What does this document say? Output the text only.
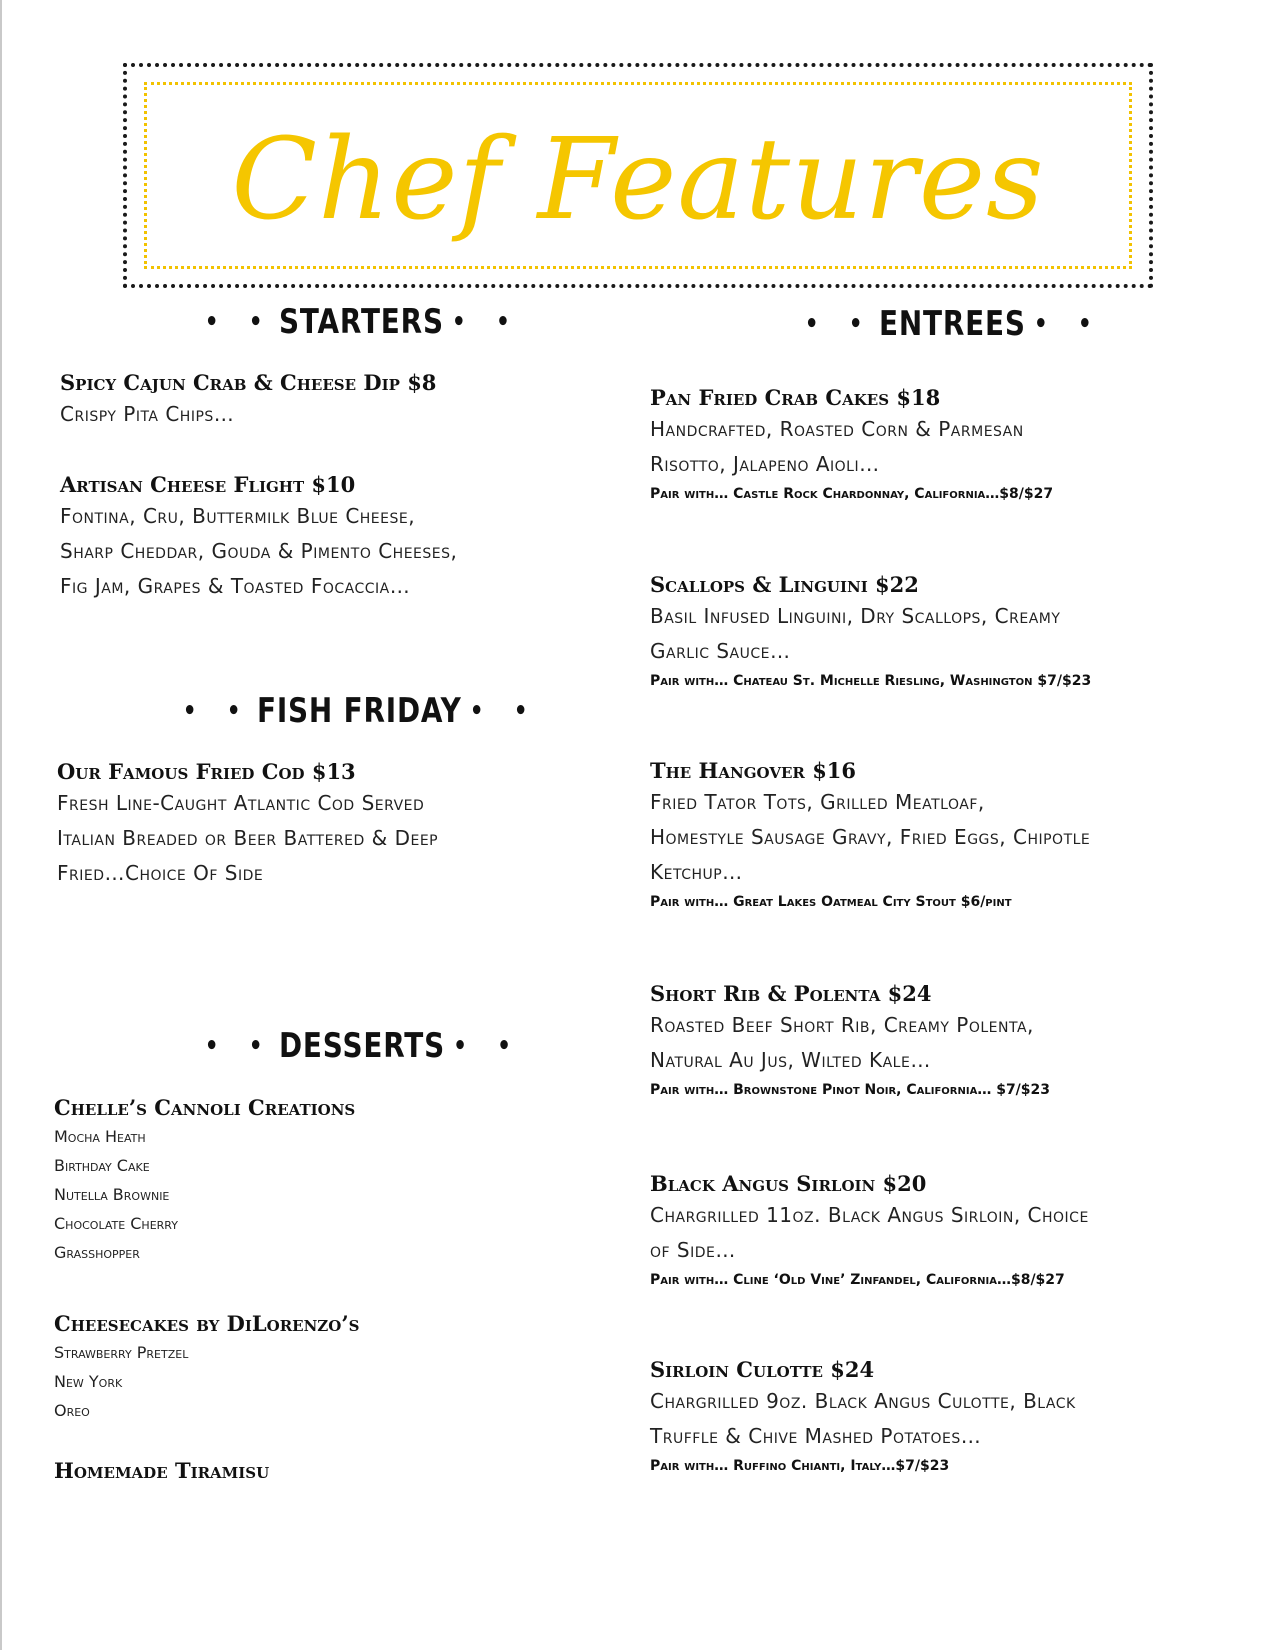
Chef Features
• • STARTERS • •
Spicy Cajun Crab & Cheese Dip $8
Crispy Pita Chips…
Artisan Cheese Flight $10
Fontina, Cru, Buttermilk Blue Cheese,
Sharp Cheddar, Gouda & Pimento Cheeses,
Fig Jam, Grapes & Toasted Focaccia…
• • FISH FRIDAY • •
Our Famous Fried Cod $13
Fresh Line-Caught Atlantic Cod Served
Italian Breaded or Beer Battered & Deep
Fried…Choice Of Side
• • DESSERTS • •
Chelle’s Cannoli Creations
Mocha Heath
Birthday Cake
Nutella Brownie
Chocolate Cherry
Grasshopper
Cheesecakes by DiLorenzo’s
Strawberry Pretzel
New York
Oreo
Homemade Tiramisu
• • ENTREES • •
Pan Fried Crab Cakes $18
Handcrafted, Roasted Corn & Parmesan
Risotto, Jalapeno Aioli…
Pair with… Castle Rock Chardonnay, California…$8/$27
Scallops & Linguini $22
Basil Infused Linguini, Dry Scallops, Creamy
Garlic Sauce…
Pair with… Chateau St. Michelle Riesling, Washington $7/$23
The Hangover $16
Fried Tator Tots, Grilled Meatloaf,
Homestyle Sausage Gravy, Fried Eggs, Chipotle
Ketchup…
Pair with… Great Lakes Oatmeal City Stout $6/pint
Short Rib & Polenta $24
Roasted Beef Short Rib, Creamy Polenta,
Natural Au Jus, Wilted Kale…
Pair with… Brownstone Pinot Noir, California… $7/$23
Black Angus Sirloin $20
Chargrilled 11oz. Black Angus Sirloin, Choice
of Side…
Pair with… Cline ‘Old Vine’ Zinfandel, California…$8/$27
Sirloin Culotte $24
Chargrilled 9oz. Black Angus Culotte, Black
Truffle & Chive Mashed Potatoes…
Pair with… Ruffino Chianti, Italy…$7/$23
